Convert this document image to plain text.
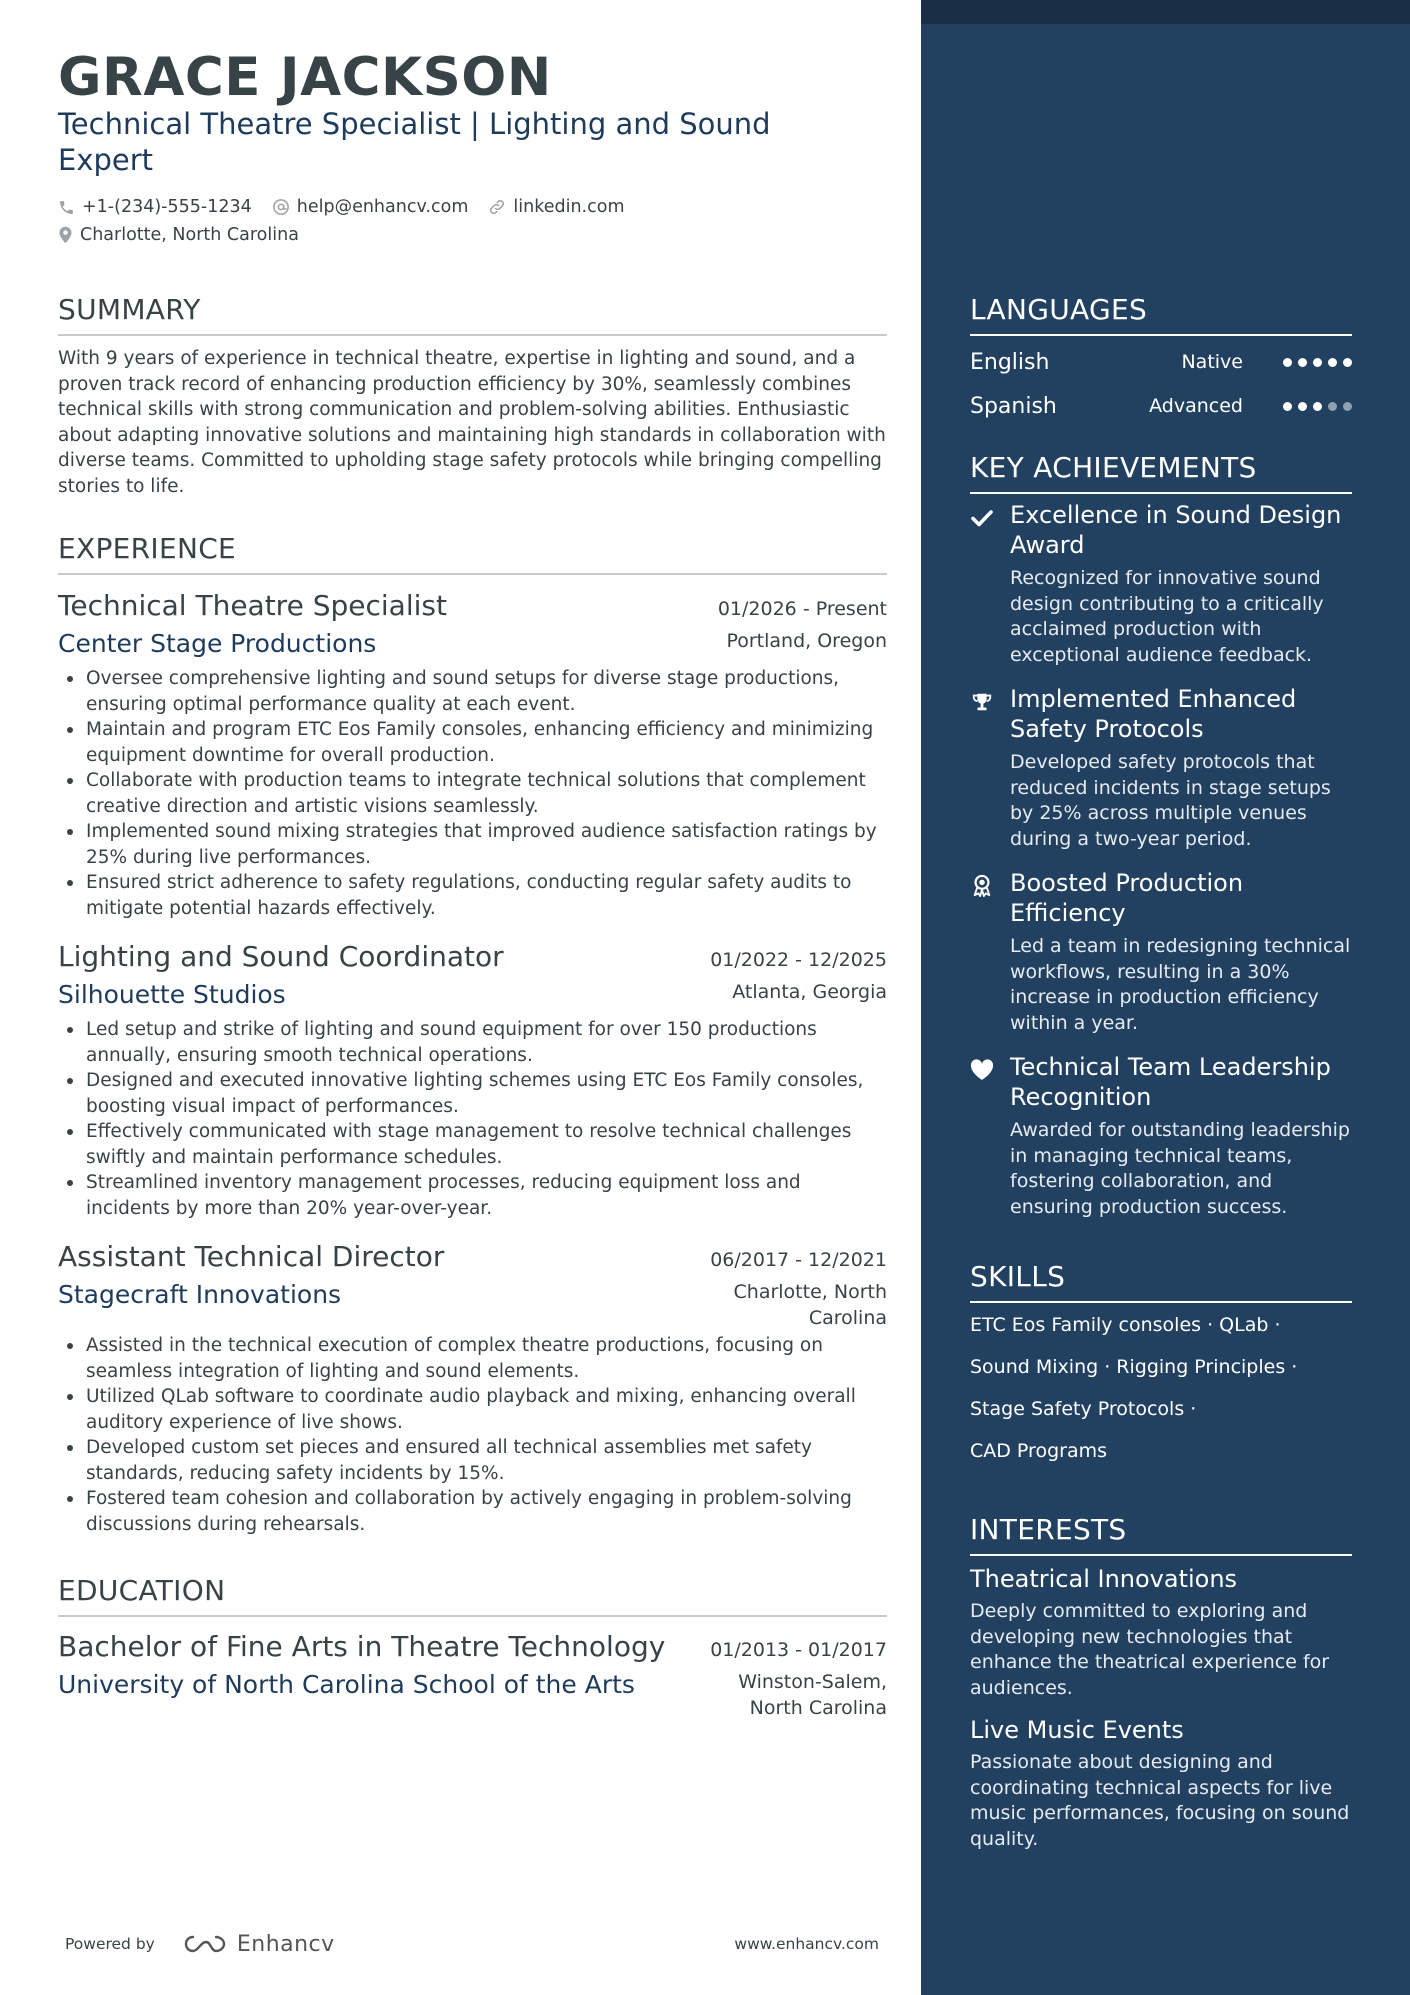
GRACE JACKSON
Technical Theatre Specialist | Lighting and Sound Expert
+1-(234)-555-1234	help@enhancv.com	linkedin.com
Charlotte, North Carolina
SUMMARY
With 9 years of experience in technical theatre, expertise in lighting and sound, and a proven track record of enhancing production efficiency by 30%, seamlessly combines technical skills with strong communication and problem-solving abilities. Enthusiastic about adapting innovative solutions and maintaining high standards in collaboration with diverse teams. Committed to upholding stage safety protocols while bringing compelling stories to life.
EXPERIENCE
Technical Theatre Specialist	01/2026 - Present
Center Stage Productions	Portland, Oregon
Oversee comprehensive lighting and sound setups for diverse stage productions, ensuring optimal performance quality at each event.
Maintain and program ETC Eos Family consoles, enhancing efficiency and minimizing equipment downtime for overall production.
Collaborate with production teams to integrate technical solutions that complement creative direction and artistic visions seamlessly.
Implemented sound mixing strategies that improved audience satisfaction ratings by 25% during live performances.
Ensured strict adherence to safety regulations, conducting regular safety audits to mitigate potential hazards effectively.
Lighting and Sound Coordinator	01/2022 - 12/2025
Silhouette Studios	Atlanta, Georgia
Led setup and strike of lighting and sound equipment for over 150 productions annually, ensuring smooth technical operations.
Designed and executed innovative lighting schemes using ETC Eos Family consoles, boosting visual impact of performances.
Effectively communicated with stage management to resolve technical challenges swiftly and maintain performance schedules.
Streamlined inventory management processes, reducing equipment loss and incidents by more than 20% year-over-year.
Assistant Technical Director	06/2017 - 12/2021
Stagecraft Innovations	Charlotte, North Carolina
Assisted in the technical execution of complex theatre productions, focusing on seamless integration of lighting and sound elements.
Utilized QLab software to coordinate audio playback and mixing, enhancing overall auditory experience of live shows.
Developed custom set pieces and ensured all technical assemblies met safety standards, reducing safety incidents by 15%.
Fostered team cohesion and collaboration by actively engaging in problem-solving discussions during rehearsals.
EDUCATION
Bachelor of Fine Arts in Theatre Technology 01/2013 - 01/2017
University of North Carolina School of the Arts	Winston-Salem, North Carolina
Powered by	Enhancv	www.enhancv.com
LANGUAGES
English	Native
Spanish	Advanced
KEY ACHIEVEMENTS
Excellence in Sound Design Award
Recognized for innovative sound design contributing to a critically acclaimed production with exceptional audience feedback.
Implemented Enhanced Safety Protocols
Developed safety protocols that reduced incidents in stage setups by 25% across multiple venues during a two-year period.
Boosted Production Efficiency
Led a team in redesigning technical workflows, resulting in a 30% increase in production efficiency within a year.
Technical Team Leadership Recognition
Awarded for outstanding leadership in managing technical teams, fostering collaboration, and ensuring production success.
SKILLS
ETC Eos Family consoles · QLab ·
Sound Mixing · Rigging Principles ·
Stage Safety Protocols ·
CAD Programs
INTERESTS
Theatrical Innovations
Deeply committed to exploring and developing new technologies that enhance the theatrical experience for audiences.
Live Music Events
Passionate about designing and coordinating technical aspects for live music performances, focusing on sound quality.
